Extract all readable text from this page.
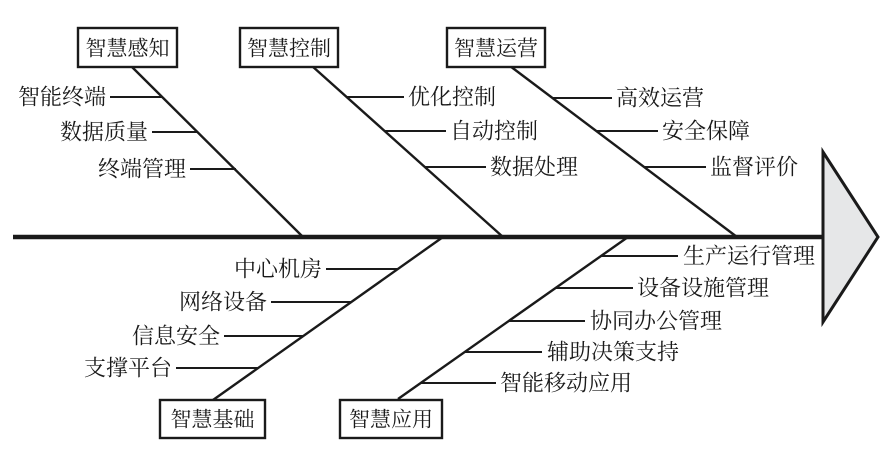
智慧感知
智能终端
数据质量
终端管理
智慧控制
优化控制
自动控制
数据处理
智慧运营
高效运营
安全保障
监督评价
智慧基础
中心机房
网络设备
信息安全
支撑平台
智慧应用
生产运行管理
设备设施管理
协同办公管理
辅助决策支持
智能移动应用
